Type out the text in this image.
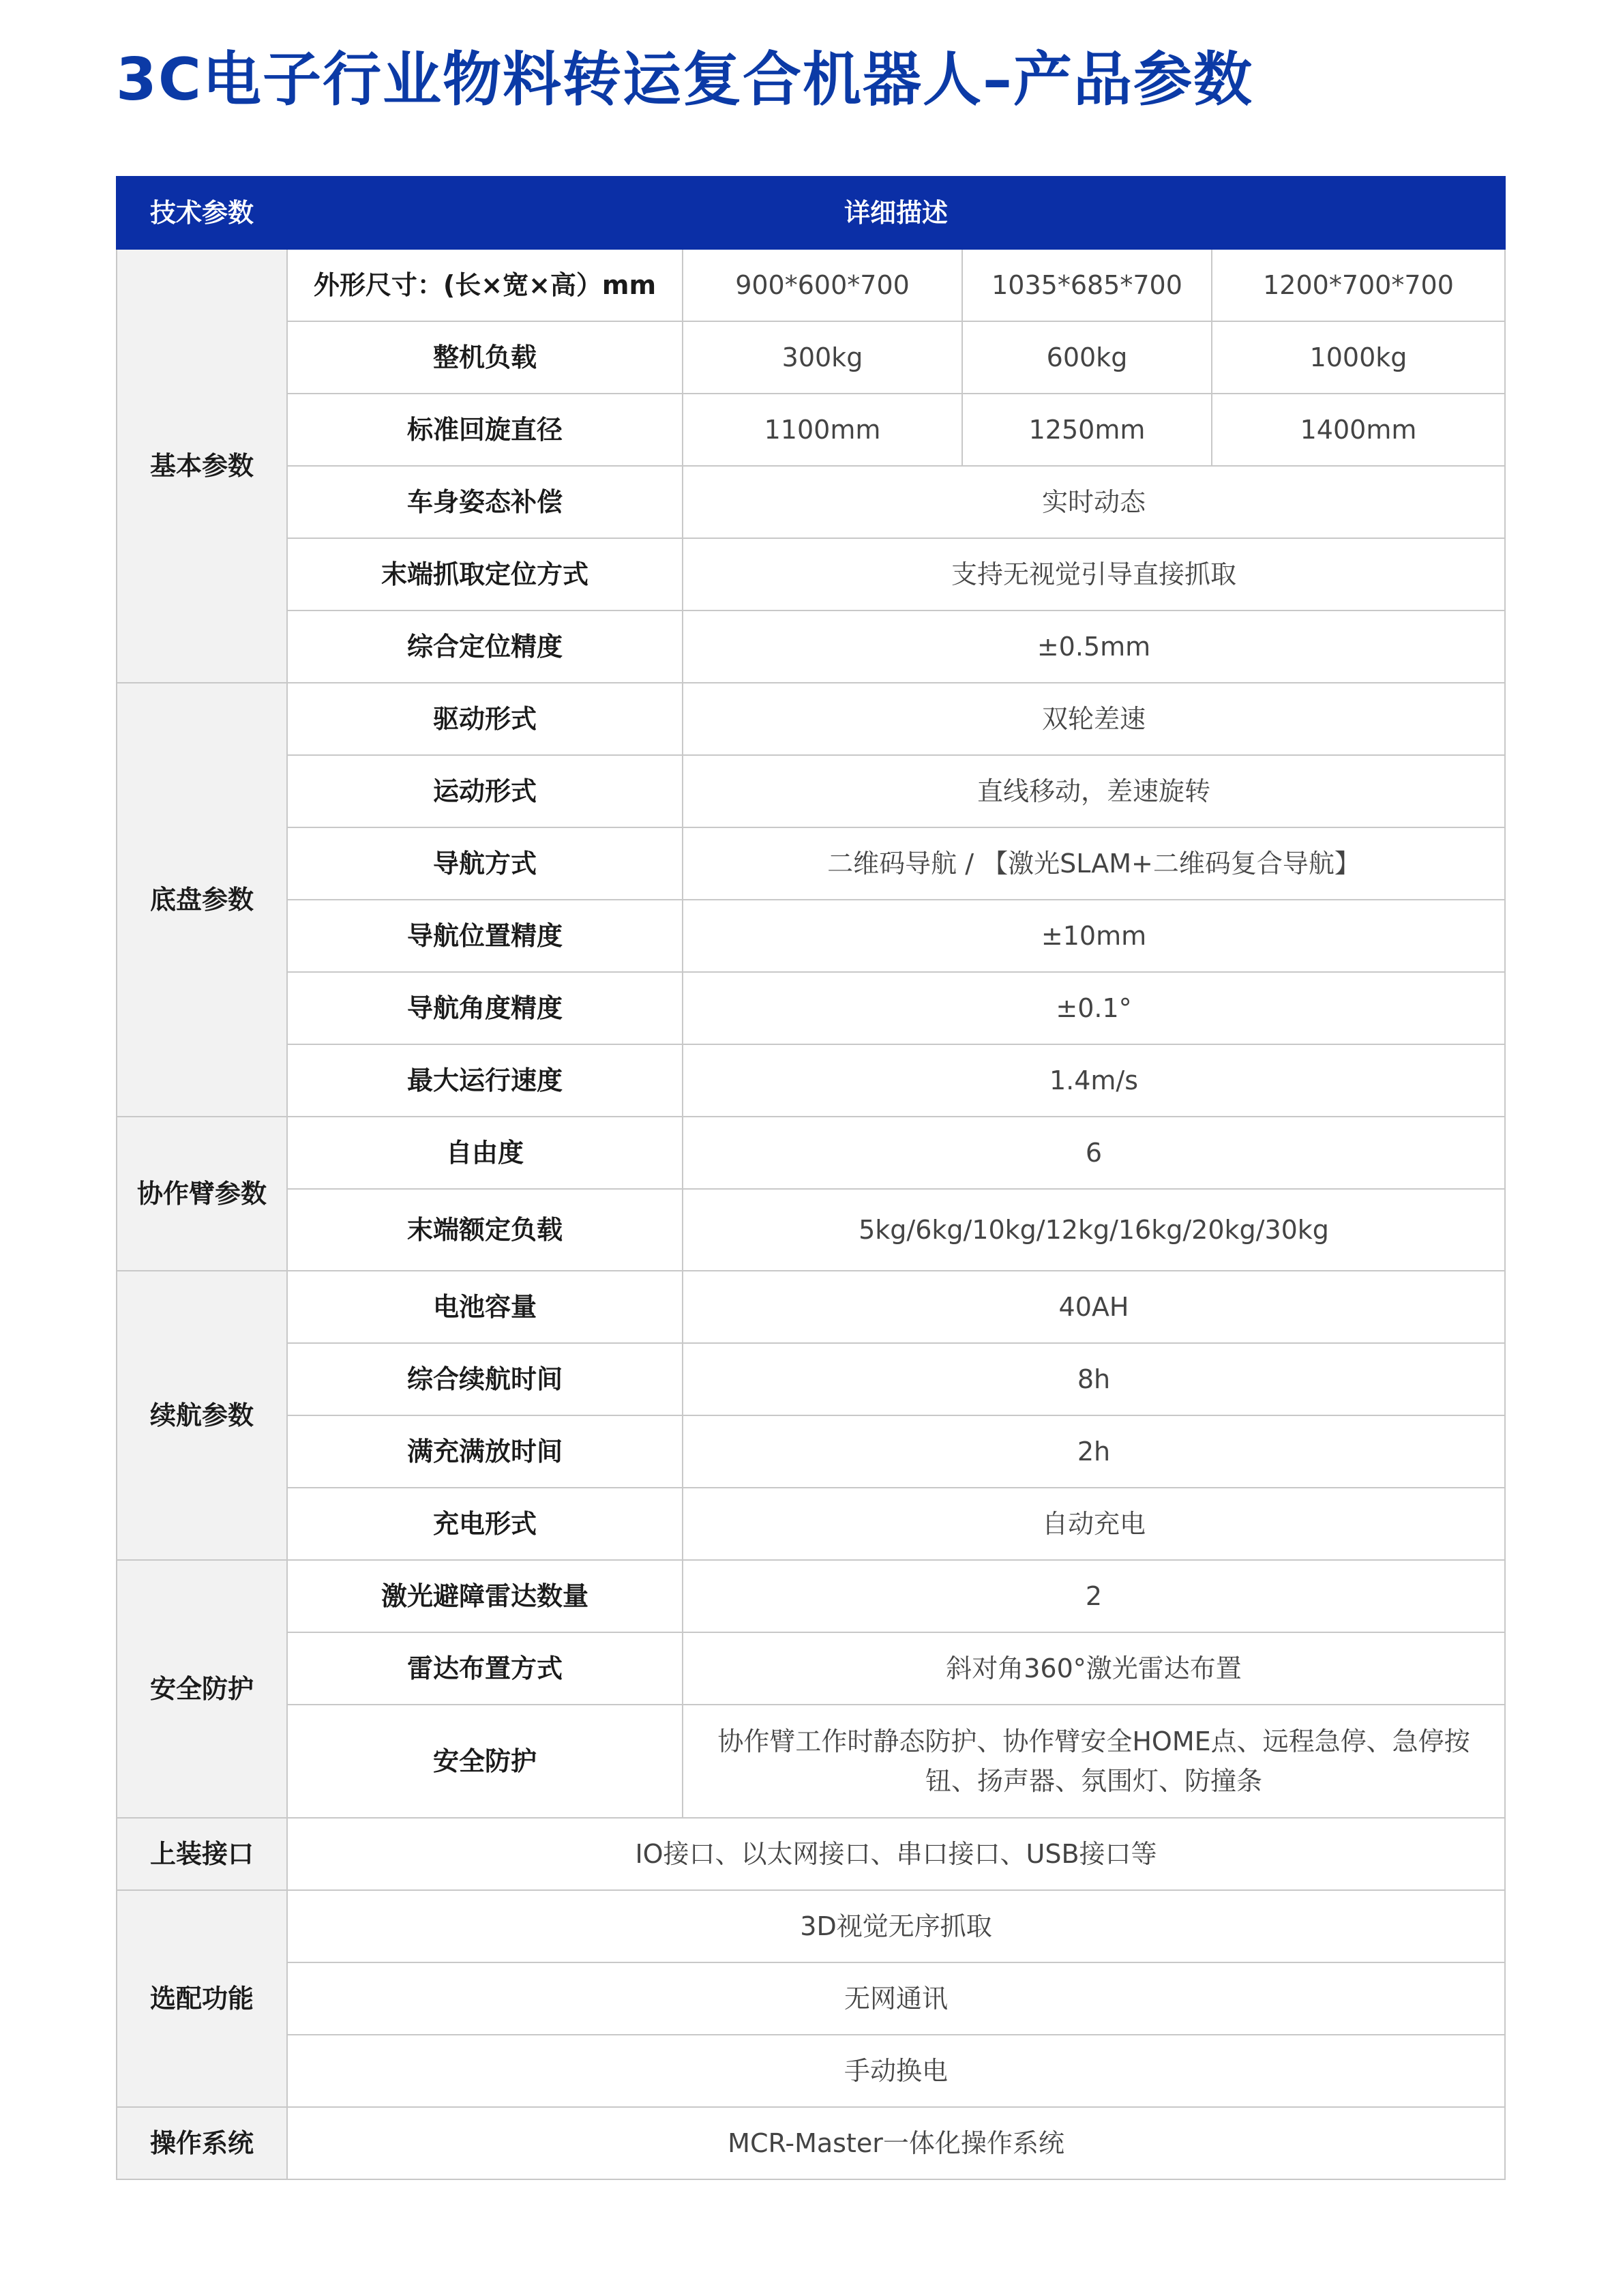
3C电子行业物料转运复合机器人–产品参数
技术参数	详细描述			
基本参数	外形尺寸：(长×宽×高）mm	900*600*700	1035*685*700	1200*700*700
	整机负载	300kg	600kg	1000kg
	标准回旋直径	1100mm	1250mm	1400mm
	车身姿态补偿	实时动态		
	末端抓取定位方式	支持无视觉引导直接抓取		
	综合定位精度	±0.5mm		
底盘参数	驱动形式	双轮差速		
	运动形式	直线移动，差速旋转		
	导航方式	二维码导航 / 【激光SLAM+二维码复合导航】		
	导航位置精度	±10mm		
	导航角度精度	±0.1°		
	最大运行速度	1.4m/s		
协作臂参数	自由度	6		
	末端额定负载	5kg/6kg/10kg/12kg/16kg/20kg/30kg		
续航参数	电池容量	40AH		
	综合续航时间	8h		
	满充满放时间	2h		
	充电形式	自动充电		
安全防护	激光避障雷达数量	2		
	雷达布置方式	斜对角360°激光雷达布置		
	安全防护	协作臂工作时静态防护、协作臂安全HOME点、远程急停、急停按钮、扬声器、氛围灯、防撞条		
上装接口	IO接口、以太网接口、串口接口、USB接口等			
选配功能	3D视觉无序抓取			
	无网通讯			
	手动换电			
操作系统	MCR-Master一体化操作系统			
